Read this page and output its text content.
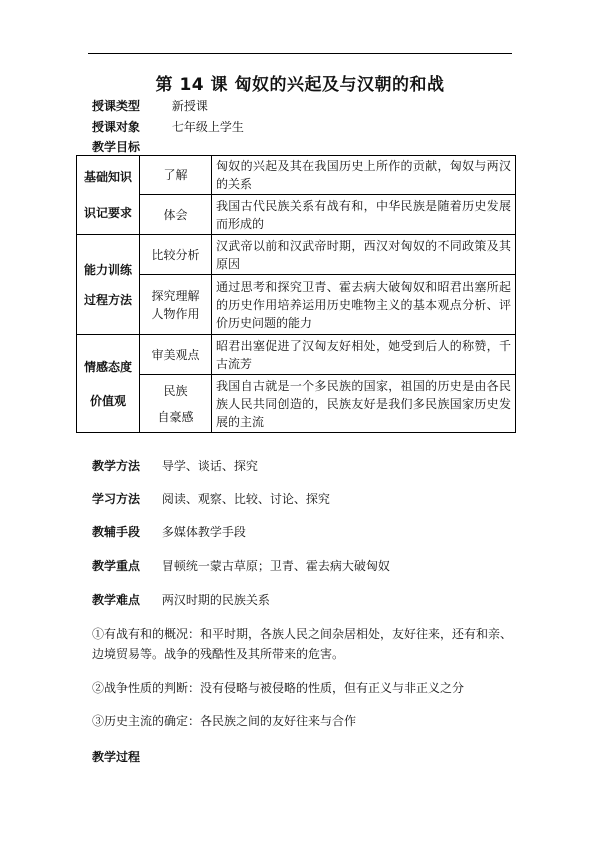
第 14 课 匈奴的兴起及与汉朝的和战
授课类型	新授课
授课对象	七年级上学生
教学目标
基础知识
识记要求	了解	匈奴的兴起及其在我国历史上所作的贡献，匈奴与两汉的关系
	体会	我国古代民族关系有战有和，中华民族是随着历史发展而形成的

能力训练
过程方法	比较分析	汉武帝以前和汉武帝时期，西汉对匈奴的不同政策及其原因
	探究理解人物作用	通过思考和探究卫青、霍去病大破匈奴和昭君出塞所起的历史作用培养运用历史唯物主义的基本观点分析、评价历史问题的能力

情感态度
价值观	审美观点	昭君出塞促进了汉匈友好相处，她受到后人的称赞，千古流芳

	民族
自豪感	我国自古就是一个多民族的国家，祖国的历史是由各民族人民共同创造的，民族友好是我们多民族国家历史发展的主流
教学方法 导学、谈话、探究
学习方法 阅读、观察、比较、讨论、探究
教辅手段 多媒体教学手段
教学重点 冒顿统一蒙古草原；卫青、霍去病大破匈奴
教学难点 两汉时期的民族关系
①有战有和的概况：和平时期，各族人民之间杂居相处，友好往来，还有和亲、边境贸易等。战争的残酷性及其所带来的危害。
②战争性质的判断：没有侵略与被侵略的性质，但有正义与非正义之分
③历史主流的确定：各民族之间的友好往来与合作
教学过程
